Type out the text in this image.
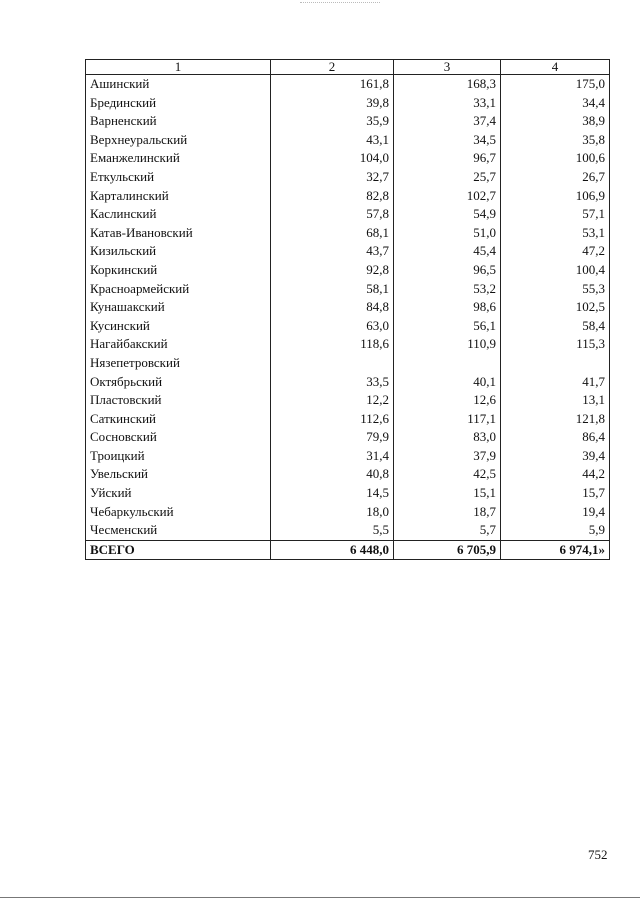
1	2	3	4
Ашинский	161,8	168,3	175,0
Брединский	39,8	33,1	34,4
Варненский	35,9	37,4	38,9
Верхнеуральский	43,1	34,5	35,8
Еманжелинский	104,0	96,7	100,6
Еткульский	32,7	25,7	26,7
Карталинский	82,8	102,7	106,9
Каслинский	57,8	54,9	57,1
Катав-Ивановский	68,1	51,0	53,1
Кизильский	43,7	45,4	47,2
Коркинский	92,8	96,5	100,4
Красноармейский	58,1	53,2	55,3
Кунашакский	84,8	98,6	102,5
Кусинский	63,0	56,1	58,4
Нагайбакский	118,6	110,9	115,3
Нязепетровский			
Октябрьский	33,5	40,1	41,7
Пластовский	12,2	12,6	13,1
Саткинский	112,6	117,1	121,8
Сосновский	79,9	83,0	86,4
Троицкий	31,4	37,9	39,4
Увельский	40,8	42,5	44,2
Уйский	14,5	15,1	15,7
Чебаркульский	18,0	18,7	19,4
Чесменский	5,5	5,7	5,9
ВСЕГО	6 448,0	6 705,9	6 974,1»
752
